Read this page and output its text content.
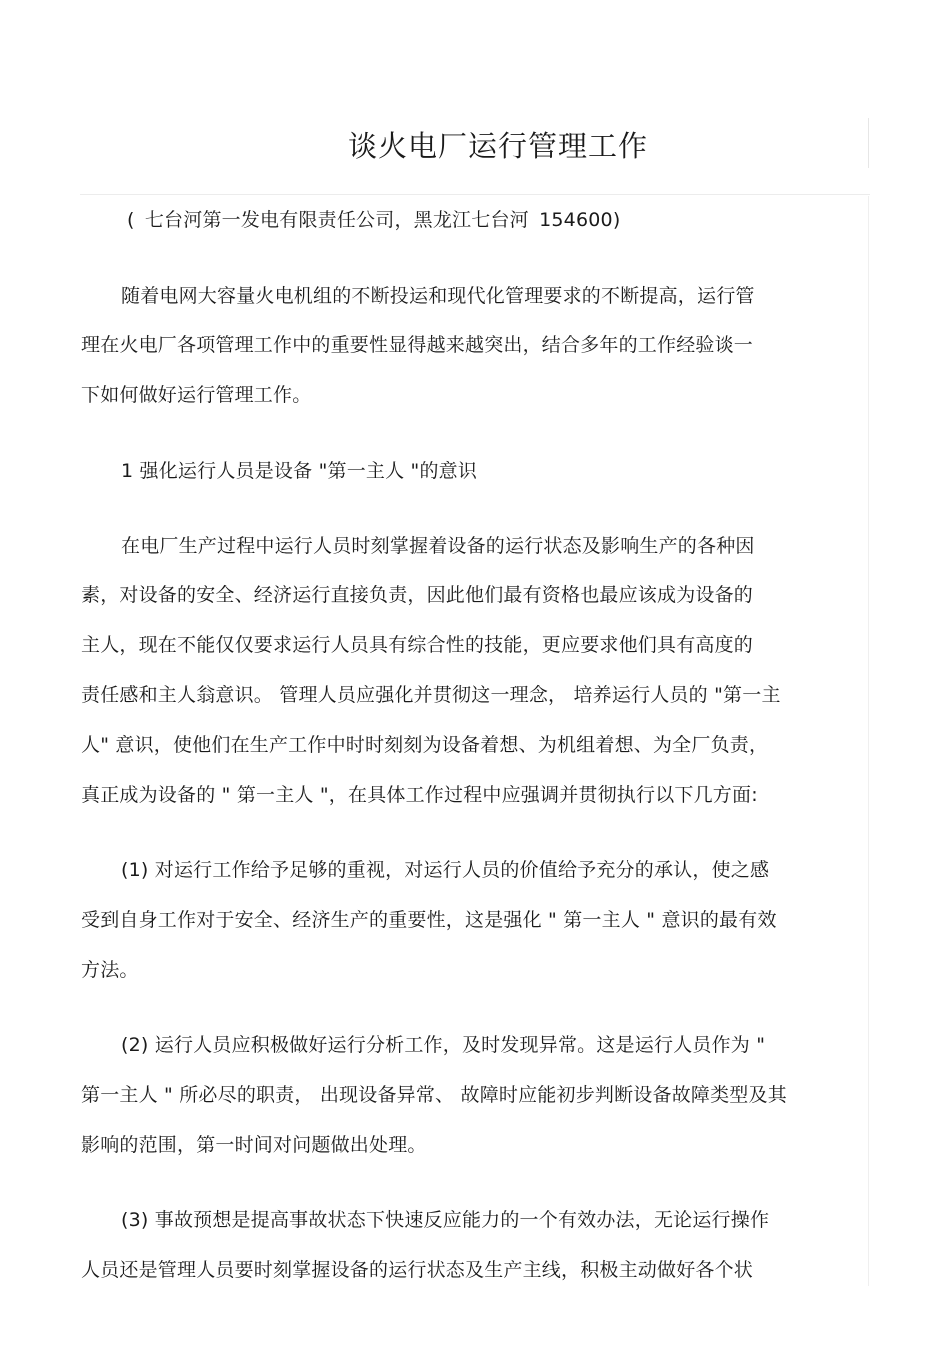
谈火电厂运行管理工作
( 七台河第一发电有限责任公司，黑龙江七台河 154600)
随着电网大容量火电机组的不断投运和现代化管理要求的不断提高，运行管
理在火电厂各项管理工作中的重要性显得越来越突出，结合多年的工作经验谈一
下如何做好运行管理工作。
1 强化运行人员是设备 "第一主人 "的意识
在电厂生产过程中运行人员时刻掌握着设备的运行状态及影响生产的各种因
素，对设备的安全、经济运行直接负责，因此他们最有资格也最应该成为设备的
主人，现在不能仅仅要求运行人员具有综合性的技能，更应要求他们具有高度的
责任感和主人翁意识。 管理人员应强化并贯彻这一理念， 培养运行人员的 "第一主
人" 意识，使他们在生产工作中时时刻刻为设备着想、为机组着想、为全厂负责，
真正成为设备的 " 第一主人 "，在具体工作过程中应强调并贯彻执行以下几方面:
(1) 对运行工作给予足够的重视，对运行人员的价值给予充分的承认，使之感
受到自身工作对于安全、经济生产的重要性，这是强化 " 第一主人 " 意识的最有效
方法。
(2) 运行人员应积极做好运行分析工作，及时发现异常。这是运行人员作为 "
第一主人 " 所必尽的职责， 出现设备异常、 故障时应能初步判断设备故障类型及其
影响的范围，第一时间对问题做出处理。
(3) 事故预想是提高事故状态下快速反应能力的一个有效办法，无论运行操作
人员还是管理人员要时刻掌握设备的运行状态及生产主线，积极主动做好各个状
